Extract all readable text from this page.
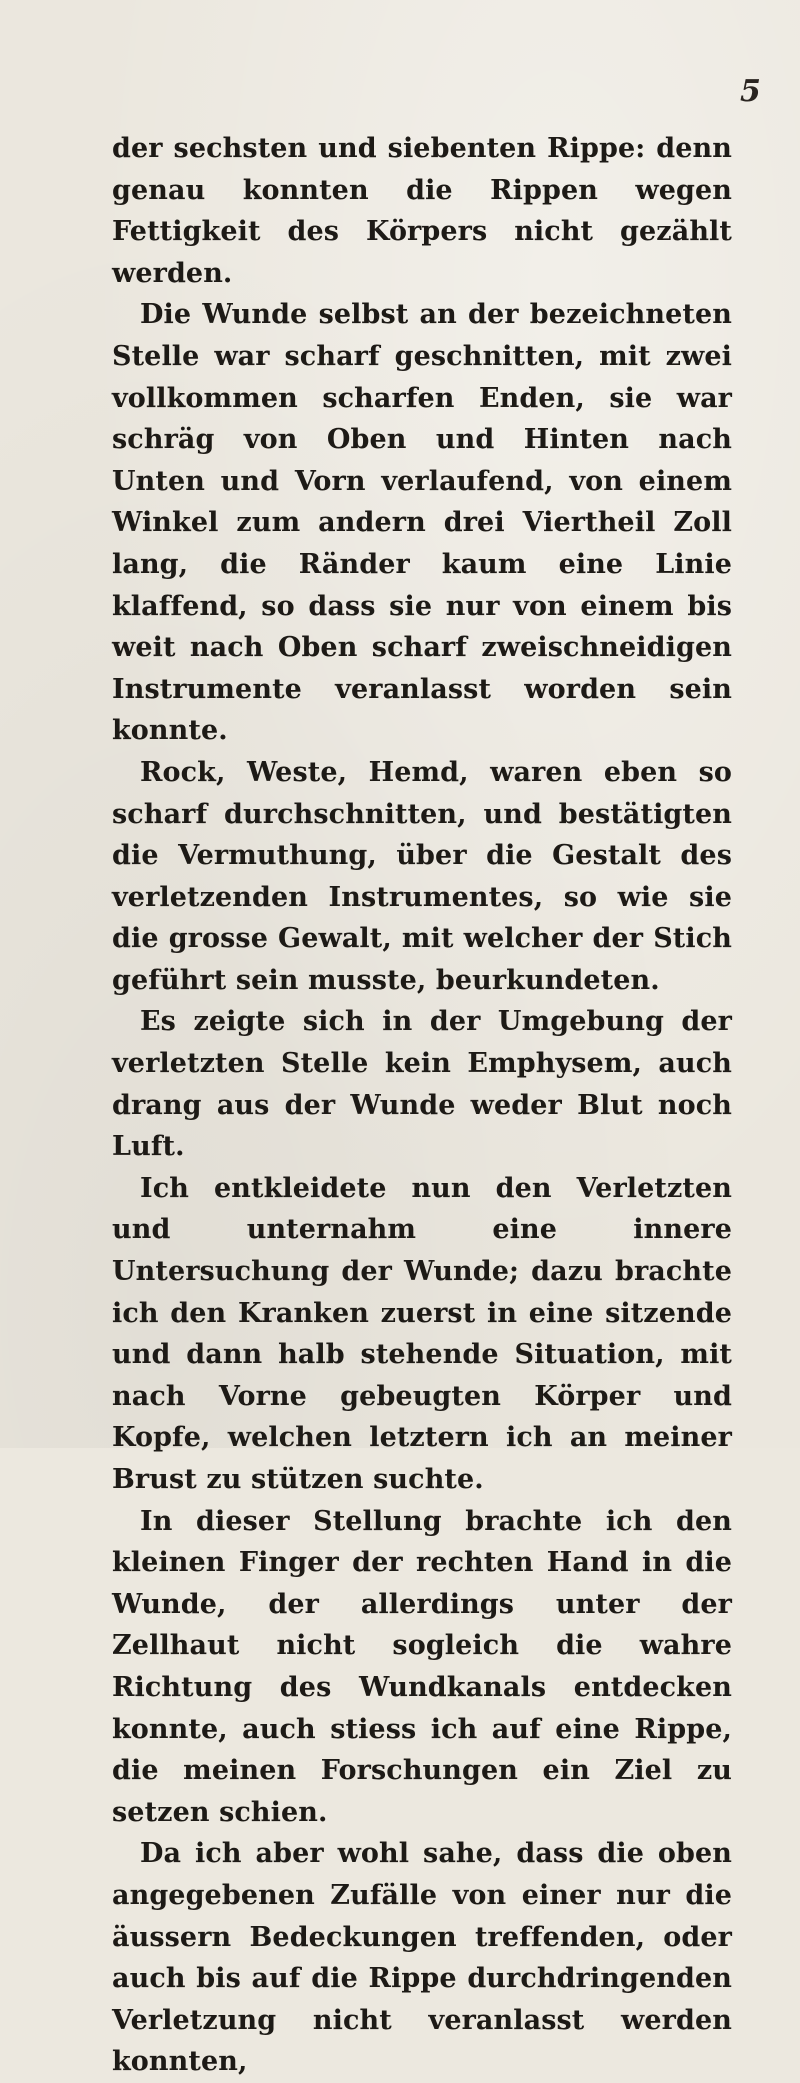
5

der sechsten und siebenten Rippe: denn genau konnten die Rippen wegen Fettigkeit des Körpers nicht gezählt werden.

Die Wunde selbst an der bezeichneten Stelle war scharf geschnitten, mit zwei vollkommen scharfen Enden, sie war schräg von Oben und Hinten nach Unten und Vorn verlaufend, von einem Winkel zum andern drei Viertheil Zoll lang, die Ränder kaum eine Linie klaffend, so dass sie nur von einem bis weit nach Oben scharf zweischneidigen Instrumente veranlasst worden sein konnte.

Rock, Weste, Hemd, waren eben so scharf durchschnitten, und bestätigten die Vermuthung, über die Gestalt des verletzenden Instrumentes, so wie sie die grosse Gewalt, mit welcher der Stich geführt sein musste, beurkundeten.

Es zeigte sich in der Umgebung der verletzten Stelle kein Emphysem, auch drang aus der Wunde weder Blut noch Luft.

Ich entkleidete nun den Verletzten und unternahm eine innere Untersuchung der Wunde; dazu brachte ich den Kranken zuerst in eine sitzende und dann halb stehende Situation, mit nach Vorne gebeugten Körper und Kopfe, welchen letztern ich an meiner Brust zu stützen suchte.

In dieser Stellung brachte ich den kleinen Finger der rechten Hand in die Wunde, der allerdings unter der Zellhaut nicht sogleich die wahre Richtung des Wundkanals entdecken konnte, auch stiess ich auf eine Rippe, die meinen Forschungen ein Ziel zu setzen schien.

Da ich aber wohl sahe, dass die oben angegebenen Zufälle von einer nur die äussern Bedeckungen treffenden, oder auch bis auf die Rippe durchdringenden Verletzung nicht veranlasst werden konnten,
